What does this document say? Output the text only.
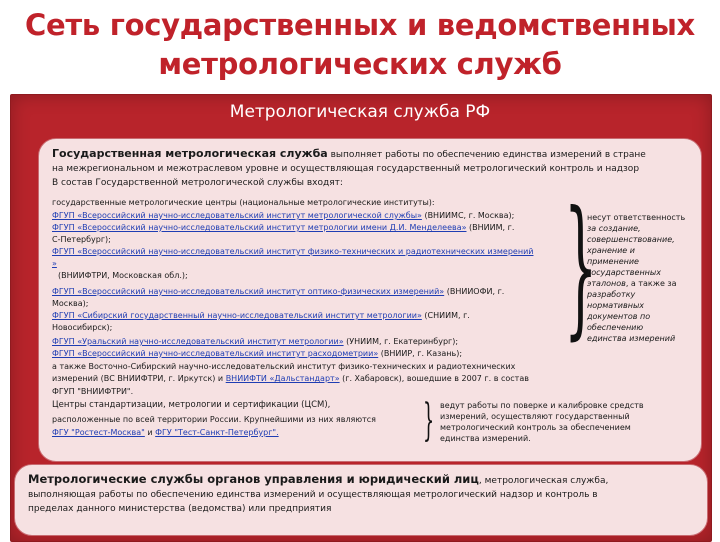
Сеть государственных и ведомственных
метрологических служб
Метрологическая служба РФ
Государственная метрологическая служба выполняет работы по обеспечению единства измерений в стране
на межрегиональном и межотраслевом уровне и осуществляющая государственный метрологический контроль и надзор
В состав Государственной метрологической службы входят:
государственные метрологические центры (национальные метрологические институты):
ФГУП «Всероссийский научно-исследовательский институт метрологической службы» (ВНИИМС, г. Москва);
ФГУП «Всероссийский научно-исследовательский институт метрологии имени Д.И. Менделеева» (ВНИИМ, г.
С-Петербург);
ФГУП «Всероссийский научно-исследовательский институт физико-технических и радиотехнических измерений
»
(ВНИИФТРИ, Московская обл.);
ФГУП «Всероссийский научно-исследовательский институт оптико-физических измерений» (ВНИИОФИ, г.
Москва);
ФГУП «Сибирский государственный научно-исследовательский институт метрологии» (СНИИМ, г.
Новосибирск);
ФГУП «Уральский научно-исследовательский институт метрологии» (УНИИМ, г. Екатеринбург);
ФГУП «Всероссийский научно-исследовательский институт расходометрии» (ВНИИР, г. Казань);
а также Восточно-Сибирский научно-исследовательский институт физико-технических и радиотехнических
измерений (ВС ВНИИФТРИ, г. Иркутск) и ВНИИФТИ «Дальстандарт» (г. Хабаровск), вошедшие в 2007 г. в состав
ФГУП "ВНИИФТРИ".
Центры стандартизации, метрологии и сертификации (ЦСМ),
расположенные по всей территории России. Крупнейшими из них являются
ФГУ "Ростест-Москва" и ФГУ "Тест-Санкт-Петербург".
}
}
несут ответственность
за создание,
совершенствование,
хранение и
применение
государственных
эталонов, а также за
разработку
нормативных
документов по
обеспечению
единства измерений
ведут работы по поверке и калибровке средств
измерений, осуществляют государственный
метрологический контроль за обеспечением
единства измерений.
Метрологические службы органов управления и юридический лиц, метрологическая служба,
выполняющая работы по обеспечению единства измерений и осуществляющая метрологический надзор и контроль в
пределах данного министерства (ведомства) или предприятия
